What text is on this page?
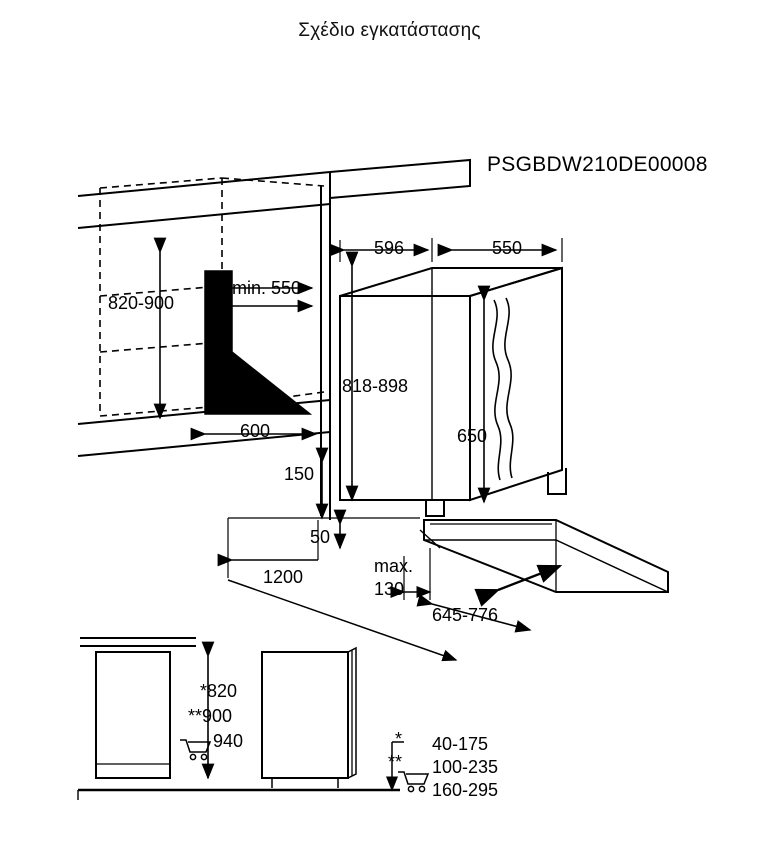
Σχέδιο εγκατάστασης
PSGBDW210DE00008
820-900
min. 550
596	550
818-898
650
600
150
50
1200
max.
130
645-776
*820
**900
940	* 40-175
** 100-235
160-295
